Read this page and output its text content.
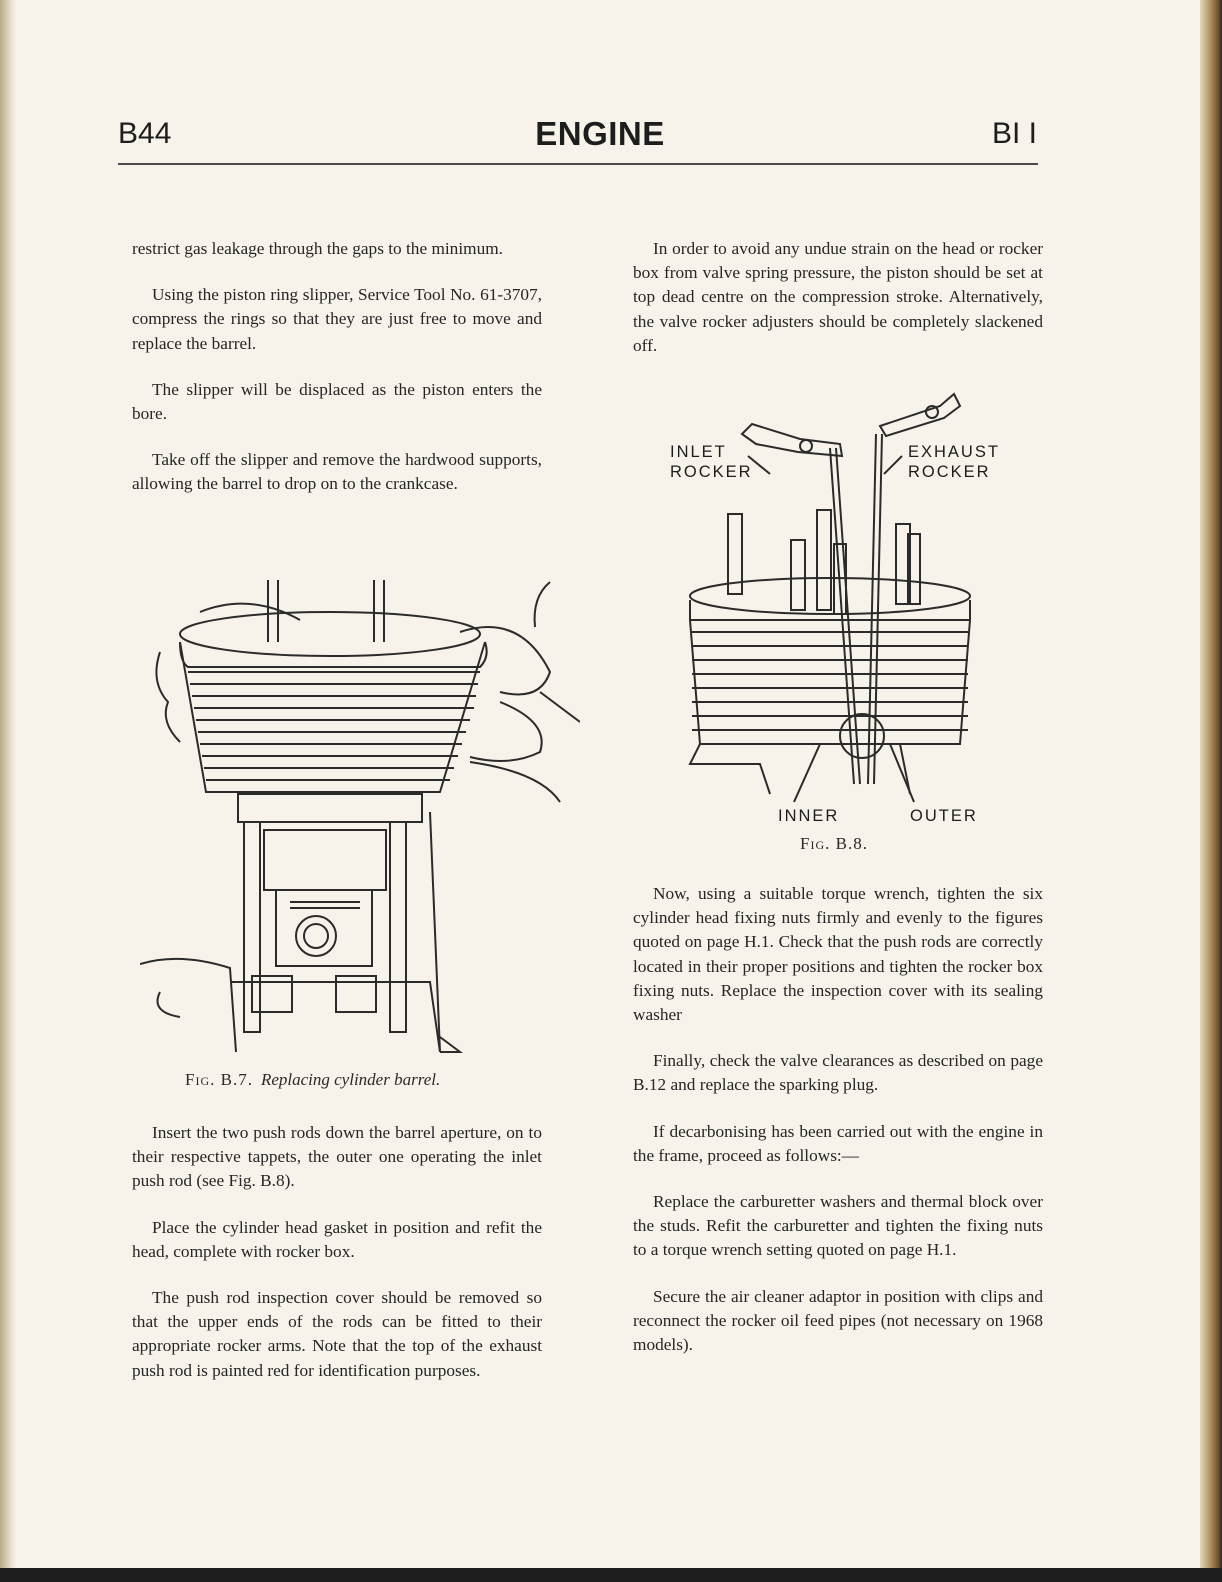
B44	ENGINE	BI I

restrict gas leakage through the gaps to the minimum.

Using the piston ring slipper, Service Tool No. 61-3707, compress the rings so that they are just free to move and replace the barrel.

The slipper will be displaced as the piston enters the bore.

Take off the slipper and remove the hardwood supports, allowing the barrel to drop on to the crankcase.

Fig. B.7. Replacing cylinder barrel.

Insert the two push rods down the barrel aperture, on to their respective tappets, the outer one operating the inlet push rod (see Fig. B.8).

Place the cylinder head gasket in position and refit the head, complete with rocker box.

The push rod inspection cover should be removed so that the upper ends of the rods can be fitted to their appropriate rocker arms. Note that the top of the exhaust push rod is painted red for identification purposes.

In order to avoid any undue strain on the head or rocker box from valve spring pressure, the piston should be set at top dead centre on the compression stroke. Alternatively, the valve rocker adjusters should be completely slackened off.

INLET
ROCKER
EXHAUST
ROCKER
INNER	OUTER
Fig. B.8.

Now, using a suitable torque wrench, tighten the six cylinder head fixing nuts firmly and evenly to the figures quoted on page H.1. Check that the push rods are correctly located in their proper positions and tighten the rocker box fixing nuts. Replace the inspection cover with its sealing washer

Finally, check the valve clearances as described on page B.12 and replace the sparking plug.

If decarbonising has been carried out with the engine in the frame, proceed as follows:—

Replace the carburetter washers and thermal block over the studs. Refit the carburetter and tighten the fixing nuts to a torque wrench setting quoted on page H.1.

Secure the air cleaner adaptor in position with clips and reconnect the rocker oil feed pipes (not necessary on 1968 models).
